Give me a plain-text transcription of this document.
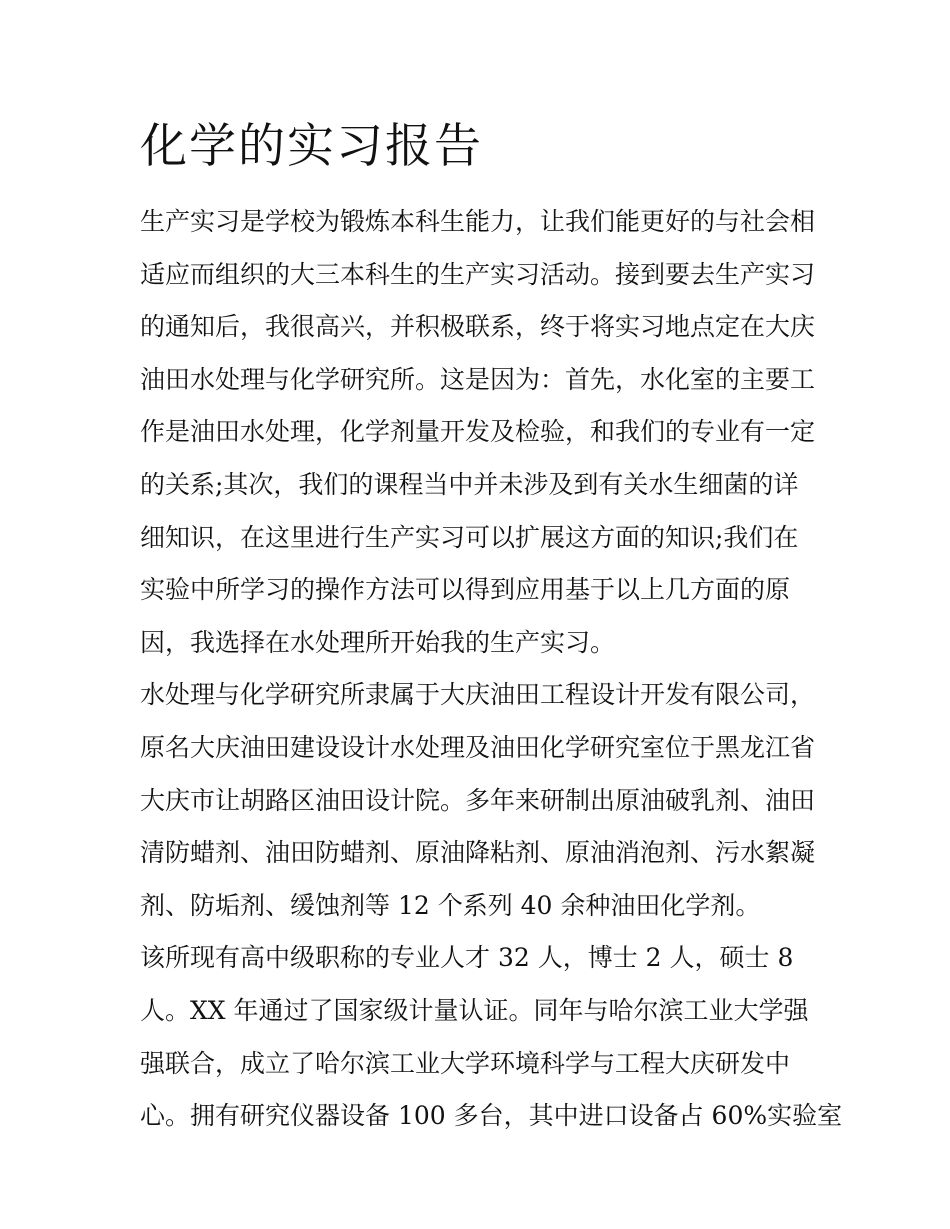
化学的实习报告
生产实习是学校为锻炼本科生能力，让我们能更好的与社会相
适应而组织的大三本科生的生产实习活动。接到要去生产实习
的通知后，我很高兴，并积极联系，终于将实习地点定在大庆
油田水处理与化学研究所。这是因为：首先，水化室的主要工
作是油田水处理，化学剂量开发及检验，和我们的专业有一定
的关系;其次，我们的课程当中并未涉及到有关水生细菌的详
细知识，在这里进行生产实习可以扩展这方面的知识;我们在
实验中所学习的操作方法可以得到应用基于以上几方面的原
因，我选择在水处理所开始我的生产实习。
水处理与化学研究所隶属于大庆油田工程设计开发有限公司，
原名大庆油田建设设计水处理及油田化学研究室位于黑龙江省
大庆市让胡路区油田设计院。多年来研制出原油破乳剂、油田
清防蜡剂、油田防蜡剂、原油降粘剂、原油消泡剂、污水絮凝
剂、防垢剂、缓蚀剂等 12 个系列 40 余种油田化学剂。
该所现有高中级职称的专业人才 32 人，博士 2 人，硕士 8
人。XX 年通过了国家级计量认证。同年与哈尔滨工业大学强
强联合，成立了哈尔滨工业大学环境科学与工程大庆研发中
心。拥有研究仪器设备 100 多台，其中进口设备占 60%实验室
